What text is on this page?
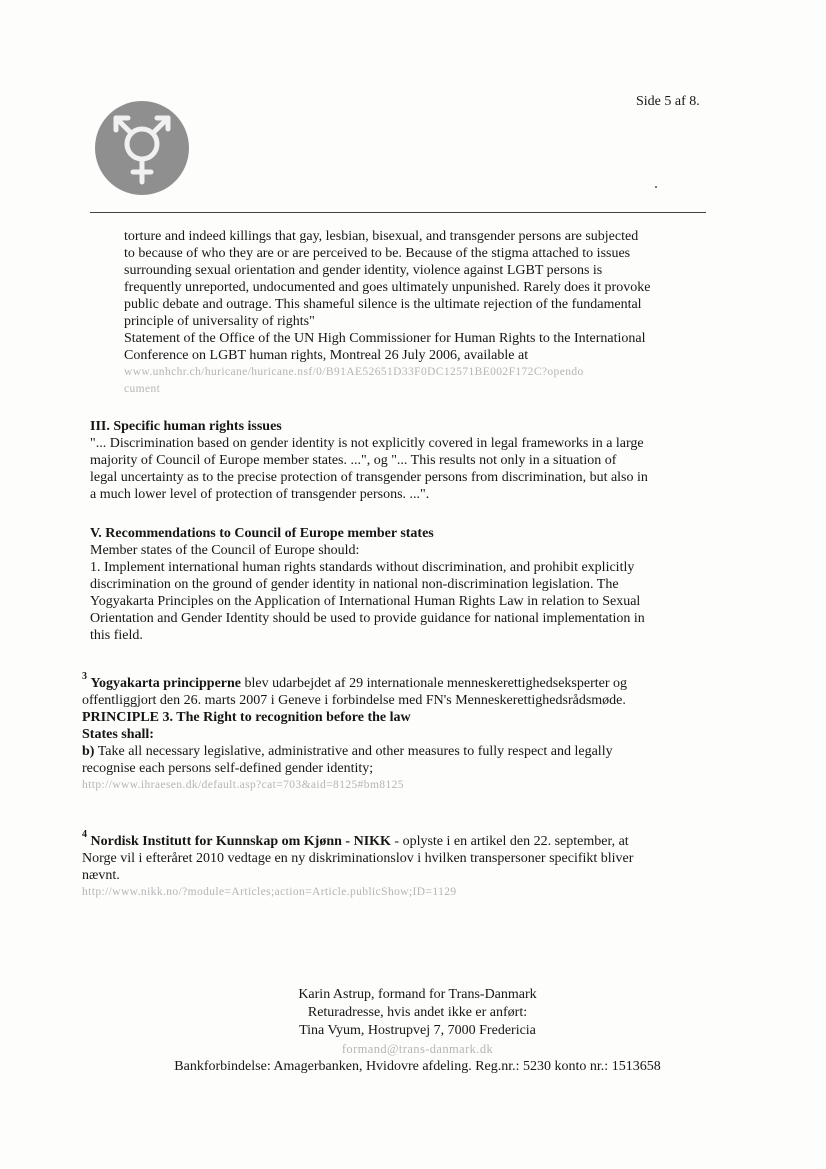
Side 5 af 8.

torture and indeed killings that gay, lesbian, bisexual, and transgender persons are subjected

to because of who they are or are perceived to be. Because of the stigma attached to issues

surrounding sexual orientation and gender identity, violence against LGBT persons is

frequently unreported, undocumented and goes ultimately unpunished. Rarely does it provoke

public debate and outrage. This shameful silence is the ultimate rejection of the fundamental

principle of universality of rights"

Statement of the Office of the UN High Commissioner for Human Rights to the International

Conference on LGBT human rights, Montreal 26 July 2006, available at

www.unhchr.ch/huricane/huricane.nsf/0/B91AE52651D33F0DC12571BE002F172C?opendo

cument

III. Specific human rights issues

"... Discrimination based on gender identity is not explicitly covered in legal frameworks in a large

majority of Council of Europe member states. ...", og "... This results not only in a situation of

legal uncertainty as to the precise protection of transgender persons from discrimination, but also in

a much lower level of protection of transgender persons. ...".

V. Recommendations to Council of Europe member states

Member states of the Council of Europe should:

1. Implement international human rights standards without discrimination, and prohibit explicitly

discrimination on the ground of gender identity in national non-discrimination legislation. The

Yogyakarta Principles on the Application of International Human Rights Law in relation to Sexual

Orientation and Gender Identity should be used to provide guidance for national implementation in

this field.

$^3$ Yogyakarta principperne blev udarbejdet af 29 internationale menneskerettighedseksperter og

offentliggjort den 26. marts 2007 i Geneve i forbindelse med FN's Menneskerettighedsrådsmøde.

PRINCIPLE 3. The Right to recognition before the law

States shall:

b) Take all necessary legislative, administrative and other measures to fully respect and legally

recognise each persons self-defined gender identity;

http://www.ihraesen.dk/default.asp?cat=703&aid=8125#bm8125

$^4$ Nordisk Institutt for Kunnskap om Kjønn - NIKK - oplyste i en artikel den 22. september, at

Norge vil i efteråret 2010 vedtage en ny diskriminationslov i hvilken transpersoner specifikt bliver

nævnt.

http://www.nikk.no/?module=Articles;action=Article.publicShow;ID=1129

Karin Astrup, formand for Trans-Danmark
Returadresse, hvis andet ikke er anført:
Tina Vyum, Hostrupvej 7, 7000 Fredericia
formand@trans-danmark.dk
Bankforbindelse: Amagerbanken, Hvidovre afdeling. Reg.nr.: 5230 konto nr.: 1513658
